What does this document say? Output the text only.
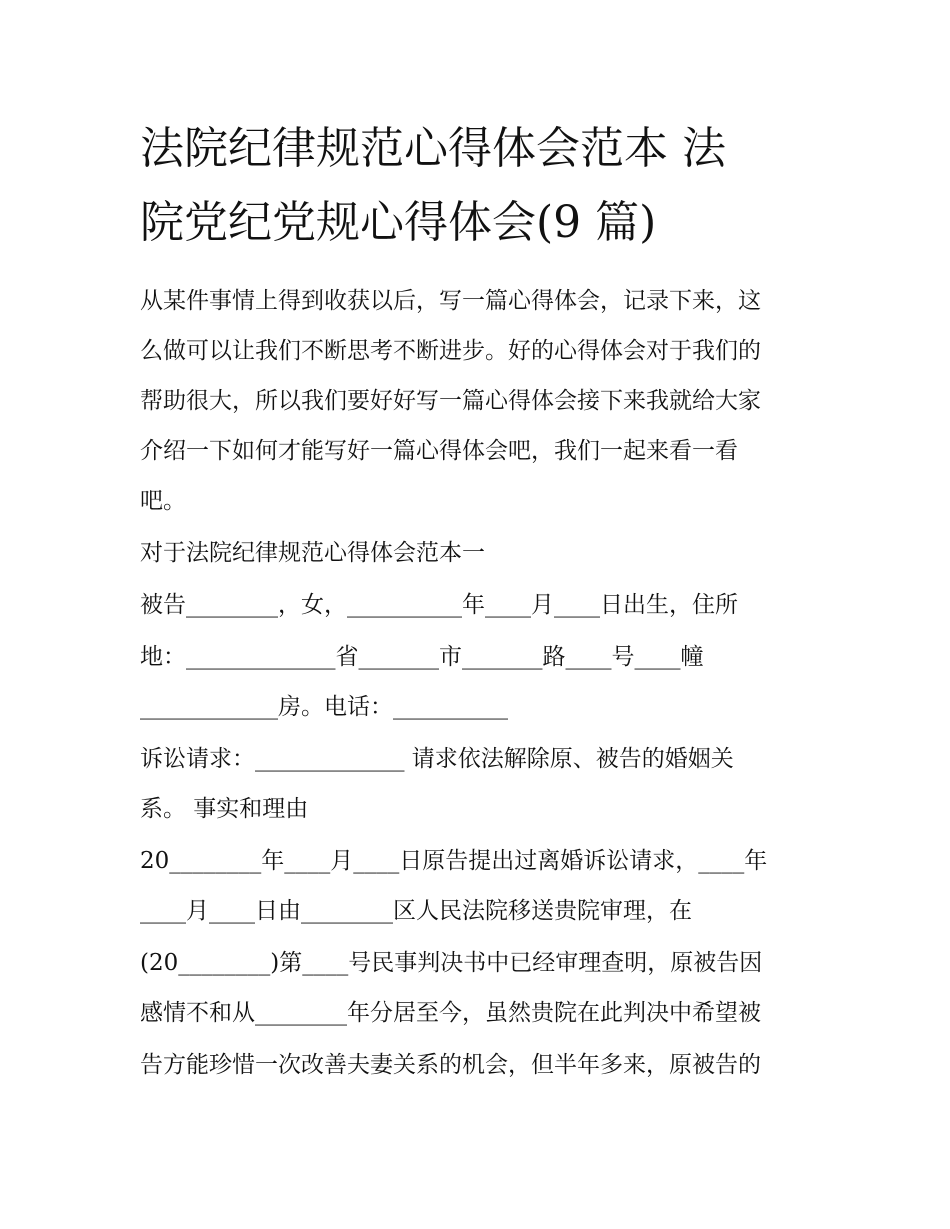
法院纪律规范心得体会范本 法
院党纪党规心得体会(9 篇)

从某件事情上得到收获以后，写一篇心得体会，记录下来，这

么做可以让我们不断思考不断进步。好的心得体会对于我们的

帮助很大，所以我们要好好写一篇心得体会接下来我就给大家

介绍一下如何才能写好一篇心得体会吧，我们一起来看一看

吧。

对于法院纪律规范心得体会范本一

被告________，女，__________年____月____日出生，住所

地：_____________省_______市_______路____号____幢

____________房。电话：__________

诉讼请求：_____________ 请求依法解除原、被告的婚姻关

系。 事实和理由

20________年____月____日原告提出过离婚诉讼请求，____年

____月____日由________区人民法院移送贵院审理，在

(20________)第____号民事判决书中已经审理查明，原被告因

感情不和从________年分居至今，虽然贵院在此判决中希望被

告方能珍惜一次改善夫妻关系的机会，但半年多来，原被告的
